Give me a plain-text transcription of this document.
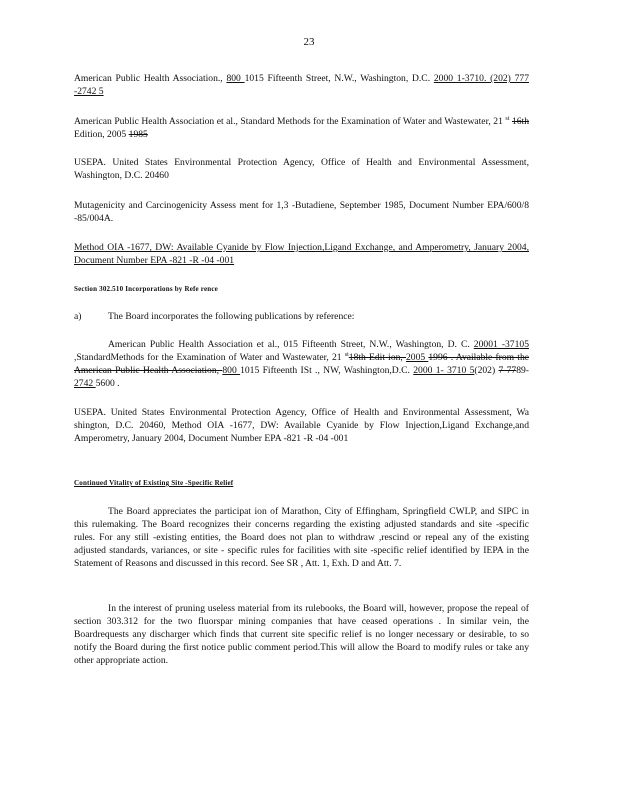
23

American Public Health Association., 800 1015 Fifteenth Street, N.W., Washington, D.C. 2000 1-3710. (202) 777 -2742 5

American Public Health Association et al., Standard Methods for the Examination of Water and Wastewater, 21 $^{st}$ 16th Edition, 2005 1985

USEPA. United States Environmental Protection Agency, Office of Health and Environmental Assessment, Washington, D.C. 20460

Mutagenicity and Carcinogenicity Assess ment for 1,3 -Butadiene, September 1985, Document Number EPA/600/8 -85/004A.

Method OIA -1677, DW: Available Cyanide by Flow Injection,Ligand Exchange, and Amperometry, January 2004, Document Number EPA -821 -R -04 -001

Section 302.510 Incorporations by Refe rence
a)	The Board incorporates the following publications by reference:

American Public Health Association et al., 015 Fifteenth Street, N.W., Washington, D. C. 20001 -37105 ,StandardMethods for the Examination of Water and Wastewater, 21 $^{st}$18th Edit ion, 2005 1996 . Available from the American Public Health Association, 800 1015 Fifteenth ISt ., NW, Washington,D.C. 2000 1- 3710 5(202) 7 7789-2742 5600 .

USEPA. United States Environmental Protection Agency, Office of Health and Environmental Assessment, Wa shington, D.C. 20460, Method OIA -1677, DW: Available Cyanide by Flow Injection,Ligand Exchange,and Amperometry, January 2004, Document Number EPA -821 -R -04 -001

Continued Vitality of Existing Site -Specific Relief

The Board appreciates the participat ion of Marathon, City of Effingham, Springfield CWLP, and SIPC in this rulemaking. The Board recognizes their concerns regarding the existing adjusted standards and site -specific rules. For any still -existing entities, the Board does not plan to withdraw ,rescind or repeal any of the existing adjusted standards, variances, or site - specific rules for facilities with site -specific relief identified by IEPA in the Statement of Reasons and discussed in this record. See SR , Att. 1, Exh. D and Att. 7.

In the interest of pruning useless material from its rulebooks, the Board will, however, propose the repeal of section 303.312 for the two fluorspar mining companies that have ceased operations . In similar vein, the Boardrequests any discharger which finds that current site specific relief is no longer necessary or desirable, to so notify the Board during the first notice public comment period.This will allow the Board to modify rules or take any other appropriate action.
